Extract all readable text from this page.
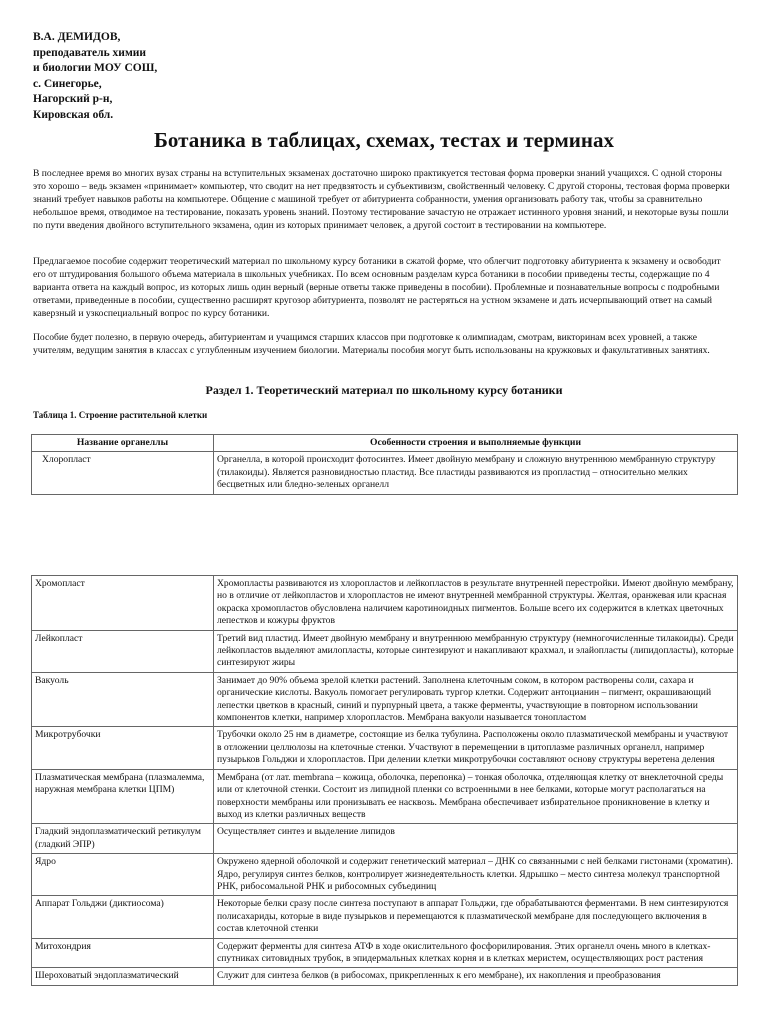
В.А. ДЕМИДОВ,
преподаватель химии
и биологии МОУ СОШ,
с. Синегорье,
Нагорский р-н,
Кировская обл.
Ботаника в таблицах, схемах, тестах и терминах
В последнее время во многих вузах страны на вступительных экзаменах достаточно широко практикуется тестовая форма проверки знаний учащихся. С одной стороны это хорошо – ведь экзамен «принимает» компьютер, что сводит на нет предвзятость и субъективизм, свойственный человеку. С другой стороны, тестовая форма проверки знаний требует навыков работы на компьютере. Общение с машиной требует от абитуриента собранности, умения организовать работу так, чтобы за сравнительно небольшое время, отводимое на тестирование, показать уровень знаний. Поэтому тестирование зачастую не отражает истинного уровня знаний, и некоторые вузы пошли по пути введения двойного вступительного экзамена, один из которых принимает человек, а другой состоит в тестировании на компьютере.
Предлагаемое пособие содержит теоретический материал по школьному курсу ботаники в сжатой форме, что облегчит подготовку абитуриента к экзамену и освободит его от штудирования большого объема материала в школьных учебниках. По всем основным разделам курса ботаники в пособии приведены тесты, содержащие по 4 варианта ответа на каждый вопрос, из которых лишь один верный (верные ответы также приведены в пособии). Проблемные и познавательные вопросы с подробными ответами, приведенные в пособии, существенно расширят кругозор абитуриента, позволят не растеряться на устном экзамене и дать исчерпывающий ответ на самый каверзный и узкоспециальный вопрос по курсу ботаники.
Пособие будет полезно, в первую очередь, абитуриентам и учащимся старших классов при подготовке к олимпиадам, смотрам, викторинам всех уровней, а также учителям, ведущим занятия в классах с углубленным изучением биологии. Материалы пособия могут быть использованы на кружковых и факультативных занятиях.
Раздел 1. Теоретический материал по школьному курсу ботаники
Таблица 1. Строение растительной клетки
Название органеллы	Особенности строения и выполняемые функции
Хлоропласт	Органелла, в которой происходит фотосинтез. Имеет двойную мембрану и сложную внутреннюю мембранную структуру (тилакоиды). Является разновидностью пластид. Все пластиды развиваются из пропластид – относительно мелких бесцветных или бледно-зеленых органелл
Хромопласт	Хромопласты развиваются из хлоропластов и лейкопластов в результате внутренней перестройки. Имеют двойную мембрану, но в отличие от лейкопластов и хлоропластов не имеют внутренней мембранной структуры. Желтая, оранжевая или красная окраска хромопластов обусловлена наличием каротиноидных пигментов. Больше всего их содержится в клетках цветочных лепестков и кожуры фруктов
Лейкопласт	Третий вид пластид. Имеет двойную мембрану и внутреннюю мембранную структуру (немногочисленные тилакоиды). Среди лейкопластов выделяют амилопласты, которые синтезируют и накапливают крахмал, и элайопласты (липидопласты), которые синтезируют жиры
Вакуоль	Занимает до 90% объема зрелой клетки растений. Заполнена клеточным соком, в котором растворены соли, сахара и органические кислоты. Вакуоль помогает регулировать тургор клетки. Содержит антоцианин – пигмент, окрашивающий лепестки цветков в красный, синий и пурпурный цвета, а также ферменты, участвующие в повторном использовании компонентов клетки, например хлоропластов. Мембрана вакуоли называется тонопластом
Микротрубочки	Трубочки около 25 нм в диаметре, состоящие из белка тубулина. Расположены около плазматической мембраны и участвуют в отложении целлюлозы на клеточные стенки. Участвуют в перемещении в цитоплазме различных органелл, например пузырьков Гольджи и хлоропластов. При делении клетки микротрубочки составляют основу структуры веретена деления
Плазматическая мембрана (плазмалемма, наружная мембрана клетки ЦПМ)	Мембрана (от лат. membrana – кожица, оболочка, перепонка) – тонкая оболочка, отделяющая клетку от внеклеточной среды или от клеточной стенки. Состоит из липидной пленки со встроенными в нее белками, которые могут располагаться на поверхности мембраны или пронизывать ее насквозь. Мембрана обеспечивает избирательное проникновение в клетку и выход из клетки различных веществ
Гладкий эндоплазматический ретикулум (гладкий ЭПР)	Осуществляет синтез и выделение липидов
Ядро	Окружено ядерной оболочкой и содержит генетический материал – ДНК со связанными с ней белками гистонами (хроматин). Ядро, регулируя синтез белков, контролирует жизнедеятельность клетки. Ядрышко – место синтеза молекул транспортной РНК, рибосомальной РНК и рибосомных субъединиц
Аппарат Гольджи (диктиосома)	Некоторые белки сразу после синтеза поступают в аппарат Гольджи, где обрабатываются ферментами. В нем синтезируются полисахариды, которые в виде пузырьков и перемещаются к плазматической мембране для последующего включения в состав клеточной стенки
Митохондрия	Содержит ферменты для синтеза АТФ в ходе окислительного фосфорилирования. Этих органелл очень много в клетках-спутниках ситовидных трубок, в эпидермальных клетках корня и в клетках меристем, осуществляющих рост растения
Шероховатый эндоплазматический	Служит для синтеза белков (в рибосомах, прикрепленных к его мембране), их накопления и преобразования
